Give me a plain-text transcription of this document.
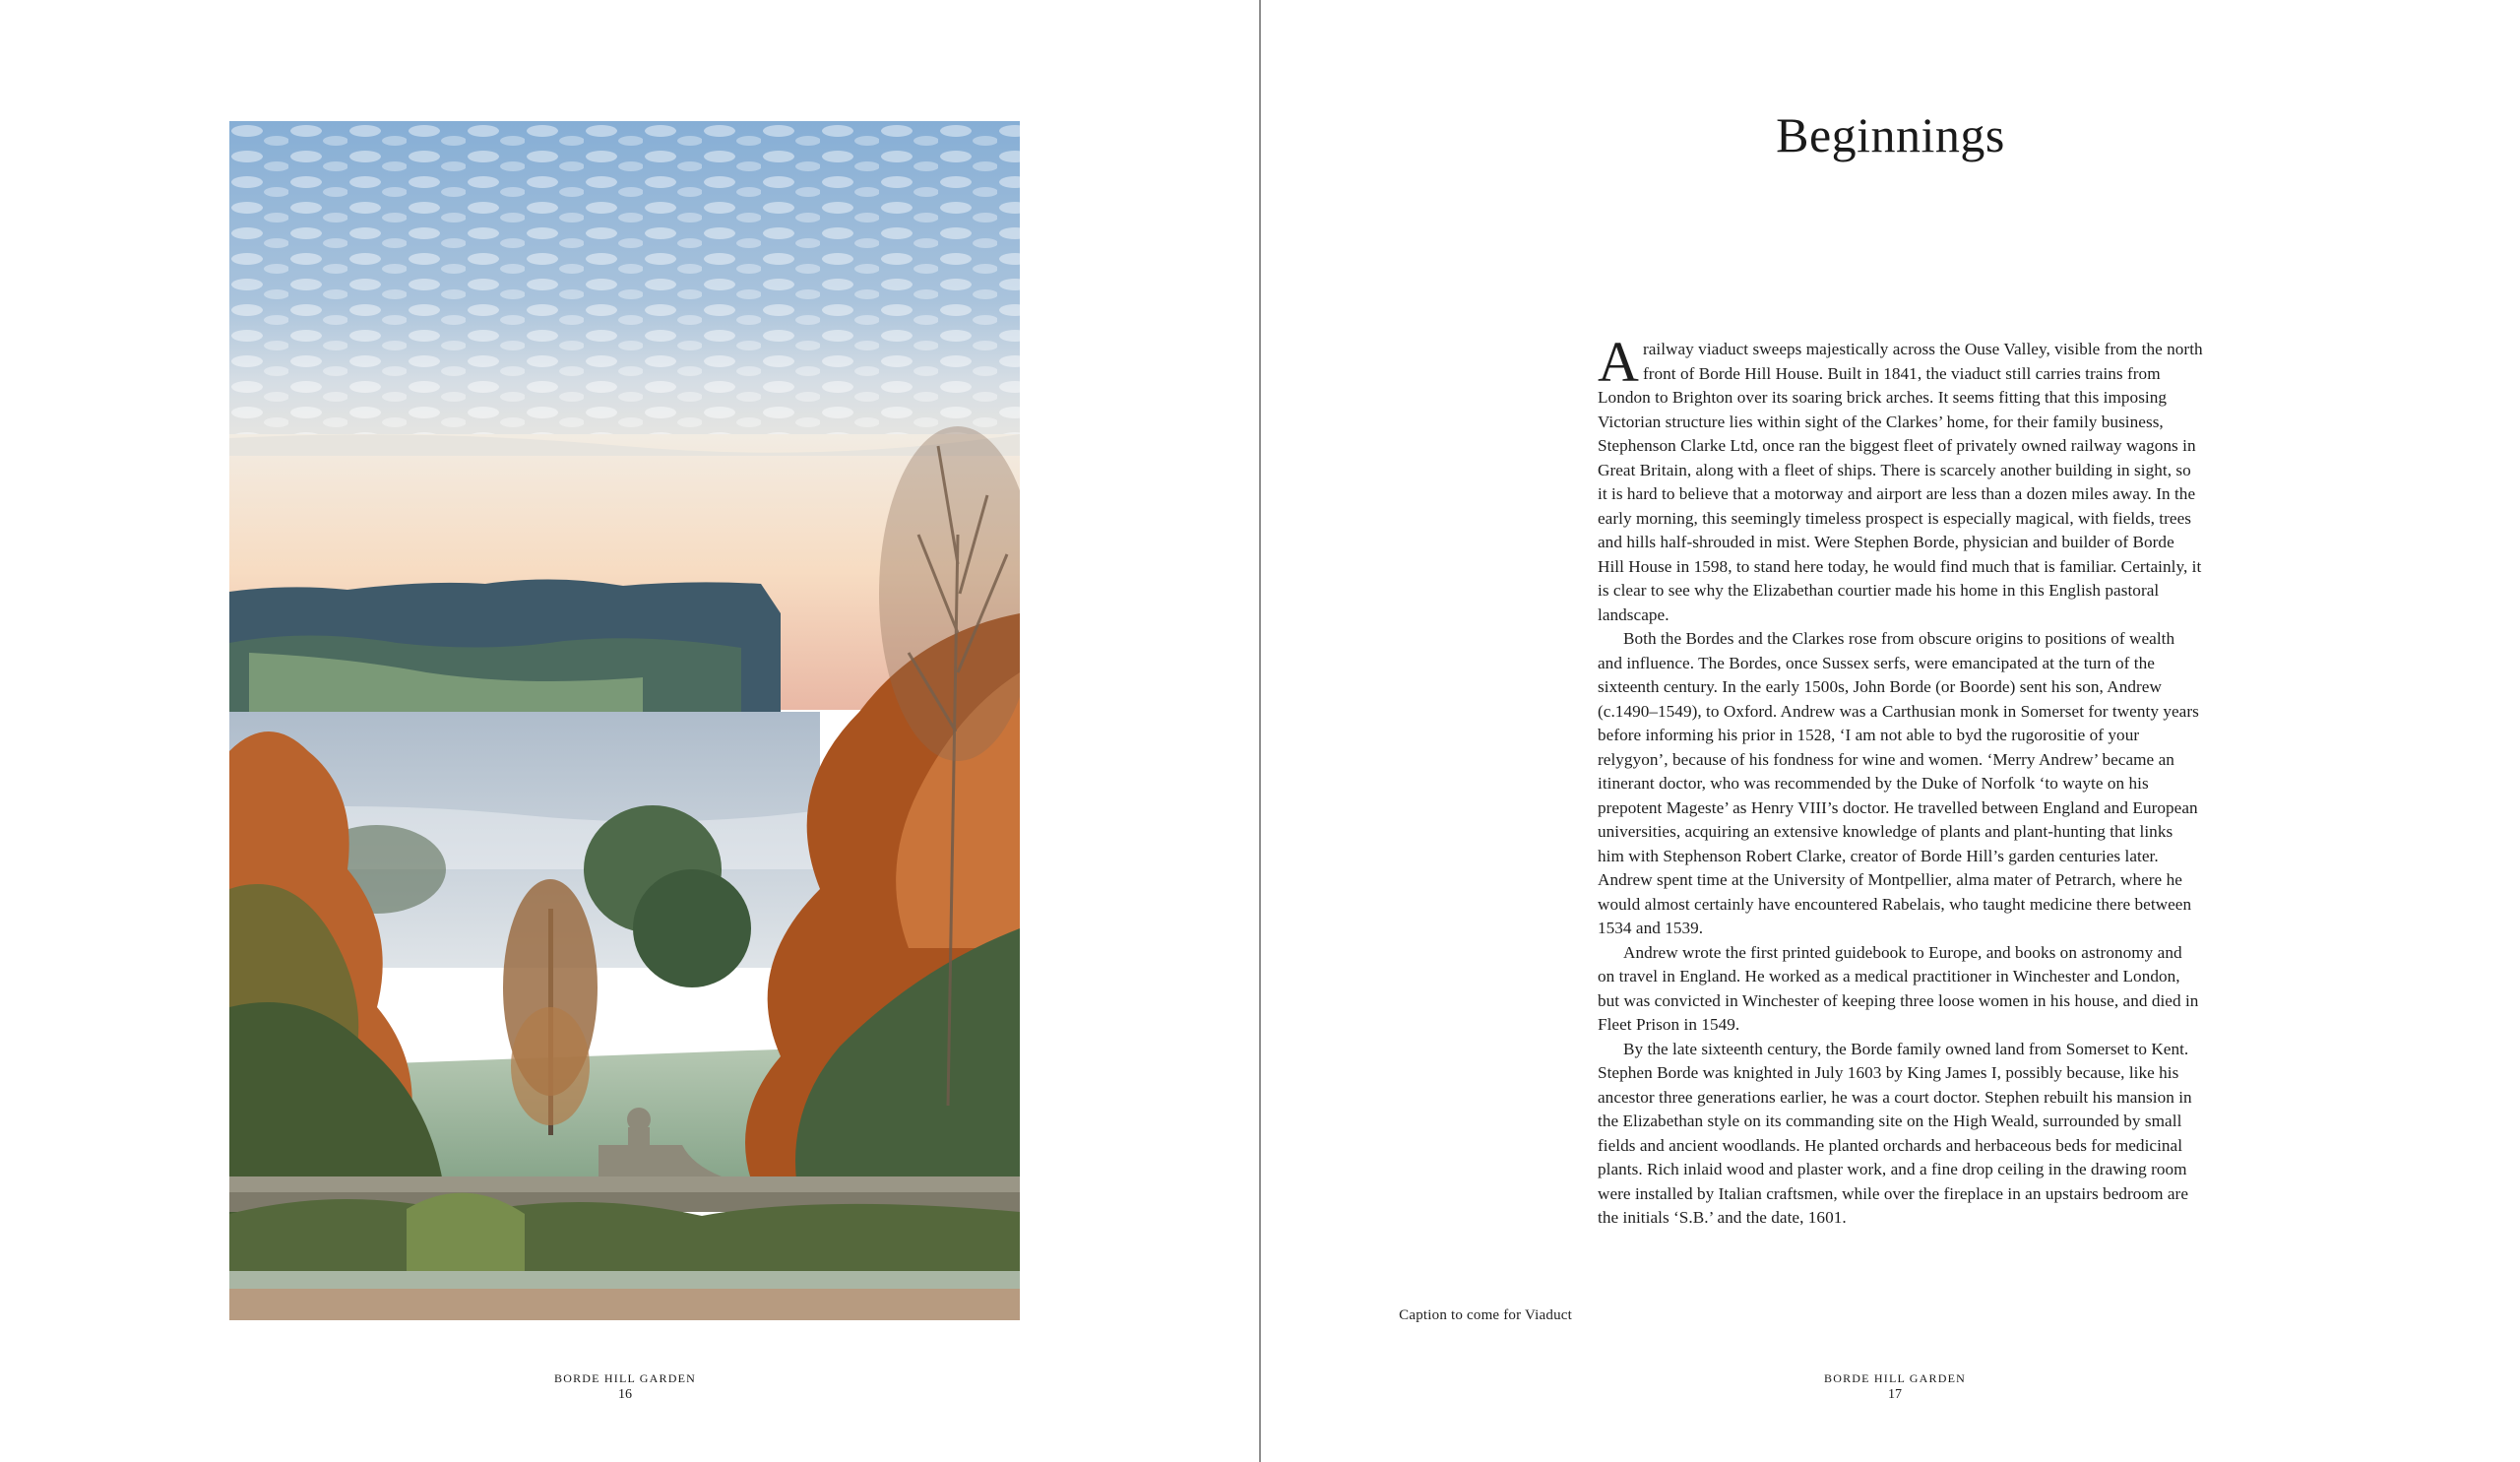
BORDE HILL GARDEN
16
Beginnings
Caption to come for Viaduct

Arailway viaduct sweeps majestically across the Ouse Valley, visible from the north front of Borde Hill House. Built in 1841, the viaduct still carries trains from London to Brighton over its soaring brick arches. It seems fitting that this imposing Victorian structure lies within sight of the Clarkes’ home, for their family business, Stephenson Clarke Ltd, once ran the biggest fleet of privately owned railway wagons in Great Britain, along with a fleet of ships. There is scarcely another building in sight, so it is hard to believe that a motorway and airport are less than a dozen miles away. In the early morning, this seemingly timeless prospect is especially magical, with fields, trees and hills half-shrouded in mist. Were Stephen Borde, physician and builder of Borde Hill House in 1598, to stand here today, he would find much that is familiar. Certainly, it is clear to see why the Elizabethan courtier made his home in this English pastoral landscape.

Both the Bordes and the Clarkes rose from obscure origins to positions of wealth and influence. The Bordes, once Sussex serfs, were emancipated at the turn of the sixteenth century. In the early 1500s, John Borde (or Boorde) sent his son, Andrew (c.1490–1549), to Oxford. Andrew was a Carthusian monk in Somerset for twenty years before informing his prior in 1528, ‘I am not able to byd the rugorositie of your relygyon’, because of his fondness for wine and women. ‘Merry Andrew’ became an itinerant doctor, who was recommended by the Duke of Norfolk ‘to wayte on his prepotent Mageste’ as Henry VIII’s doctor. He travelled between England and European universities, acquiring an extensive knowledge of plants and plant-hunting that links him with Stephenson Robert Clarke, creator of Borde Hill’s garden centuries later. Andrew spent time at the University of Montpellier, alma mater of Petrarch, where he would almost certainly have encountered Rabelais, who taught medicine there between 1534 and 1539.

Andrew wrote the first printed guidebook to Europe, and books on astronomy and on travel in England. He worked as a medical practitioner in Winchester and London, but was convicted in Winchester of keeping three loose women in his house, and died in Fleet Prison in 1549.

By the late sixteenth century, the Borde family owned land from Somerset to Kent. Stephen Borde was knighted in July 1603 by King James I, possibly because, like his ancestor three generations earlier, he was a court doctor. Stephen rebuilt his mansion in the Elizabethan style on its commanding site on the High Weald, surrounded by small fields and ancient woodlands. He planted orchards and herbaceous beds for medicinal plants. Rich inlaid wood and plaster work, and a fine drop ceiling in the drawing room were installed by Italian craftsmen, while over the fireplace in an upstairs bedroom are the initials ‘S.B.’ and the date, 1601.

BORDE HILL GARDEN
17
